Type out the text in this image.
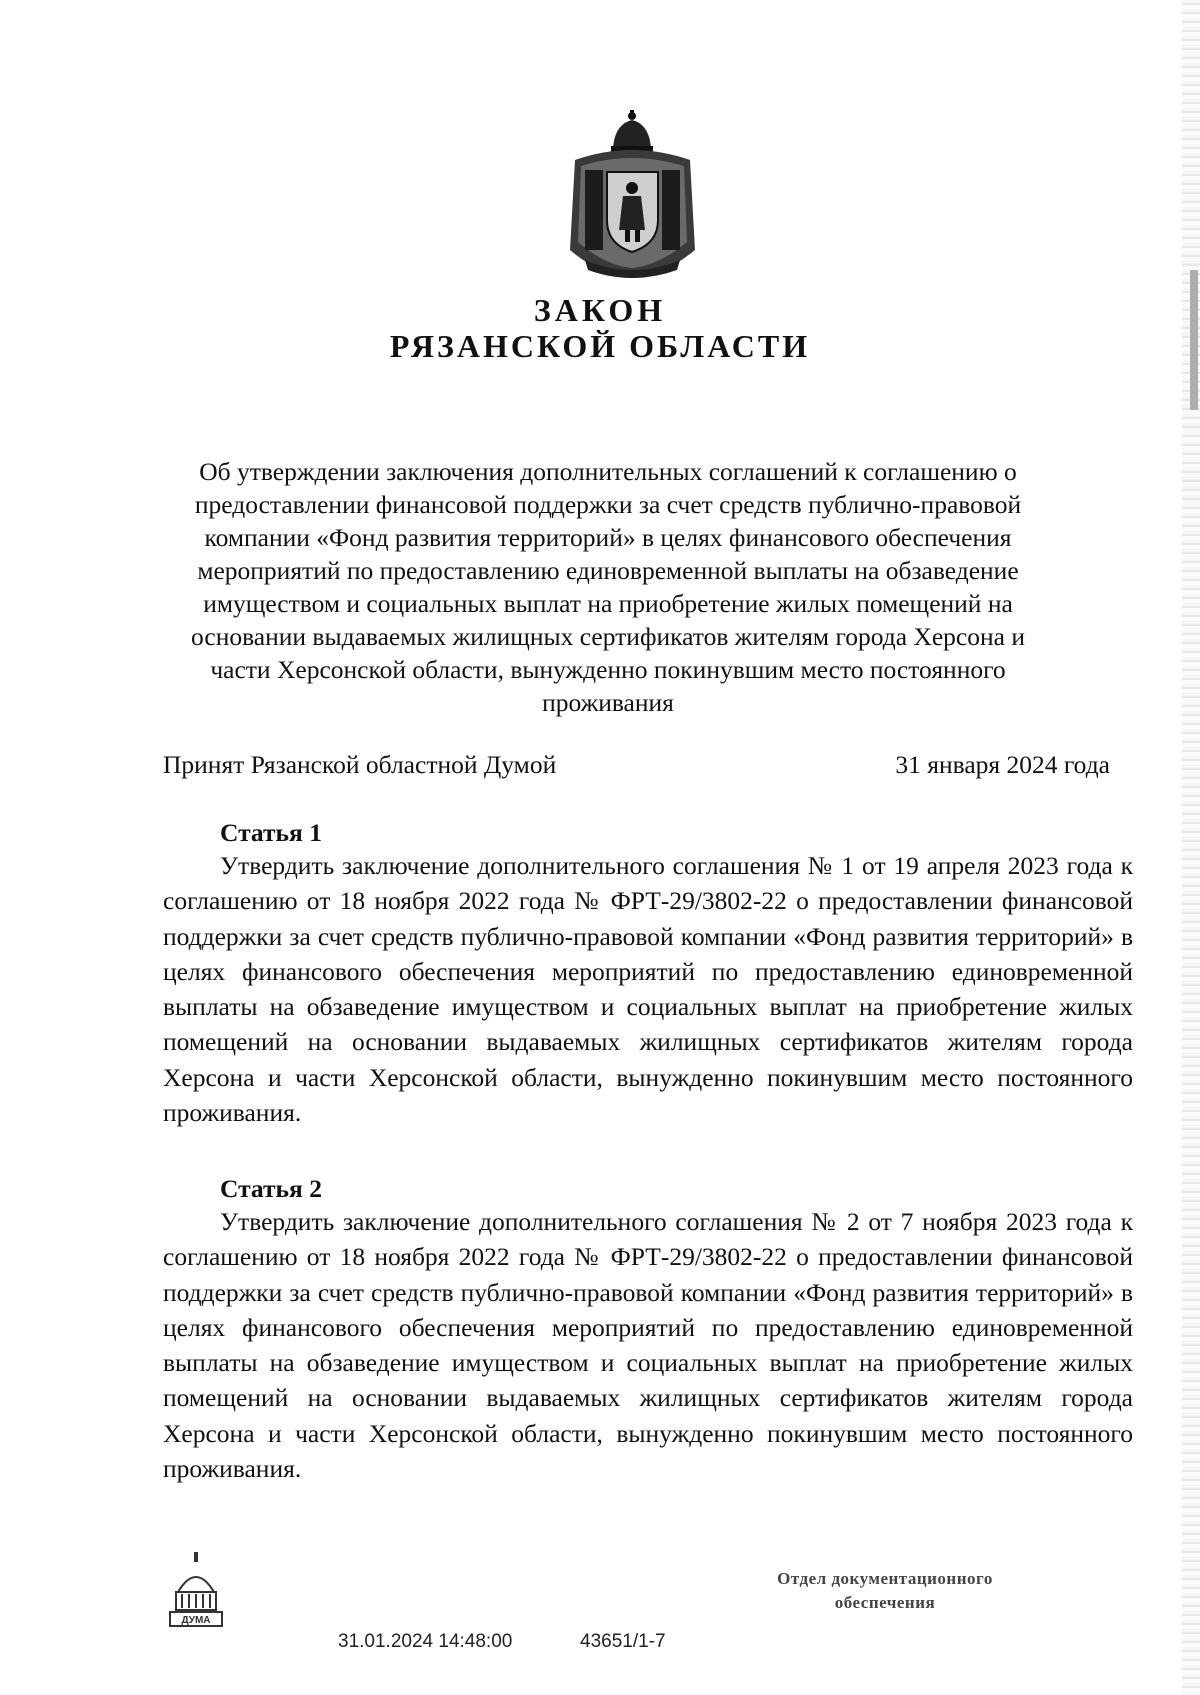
ЗАКОН
РЯЗАНСКОЙ ОБЛАСТИ
Об утверждении заключения дополнительных соглашений к соглашению о предоставлении финансовой поддержки за счет средств публично-правовой компании «Фонд развития территорий» в целях финансового обеспечения мероприятий по предоставлению единовременной выплаты на обзаведение имуществом и социальных выплат на приобретение жилых помещений на основании выдаваемых жилищных сертификатов жителям города Херсона и части Херсонской области, вынужденно покинувшим место постоянного проживания
Принят Рязанской областной Думой	31 января 2024 года
Статья 1
Утвердить заключение дополнительного соглашения № 1 от 19 апреля 2023 года к соглашению от 18 ноября 2022 года № ФРТ-29/3802-22 о предоставлении финансовой поддержки за счет средств публично-правовой компании «Фонд развития территорий» в целях финансового обеспечения мероприятий по предоставлению единовременной выплаты на обзаведение имуществом и социальных выплат на приобретение жилых помещений на основании выдаваемых жилищных сертификатов жителям города Херсона и части Херсонской области, вынужденно покинувшим место постоянного проживания.
Статья 2
Утвердить заключение дополнительного соглашения № 2 от 7 ноября 2023 года к соглашению от 18 ноября 2022 года № ФРТ-29/3802-22 о предоставлении финансовой поддержки за счет средств публично-правовой компании «Фонд развития территорий» в целях финансового обеспечения мероприятий по предоставлению единовременной выплаты на обзаведение имуществом и социальных выплат на приобретение жилых помещений на основании выдаваемых жилищных сертификатов жителям города Херсона и части Херсонской области, вынужденно покинувшим место постоянного проживания.
ДУМА
31.01.2024 14:48:00	43651/1-7
Отдел документационного
обеспечения
